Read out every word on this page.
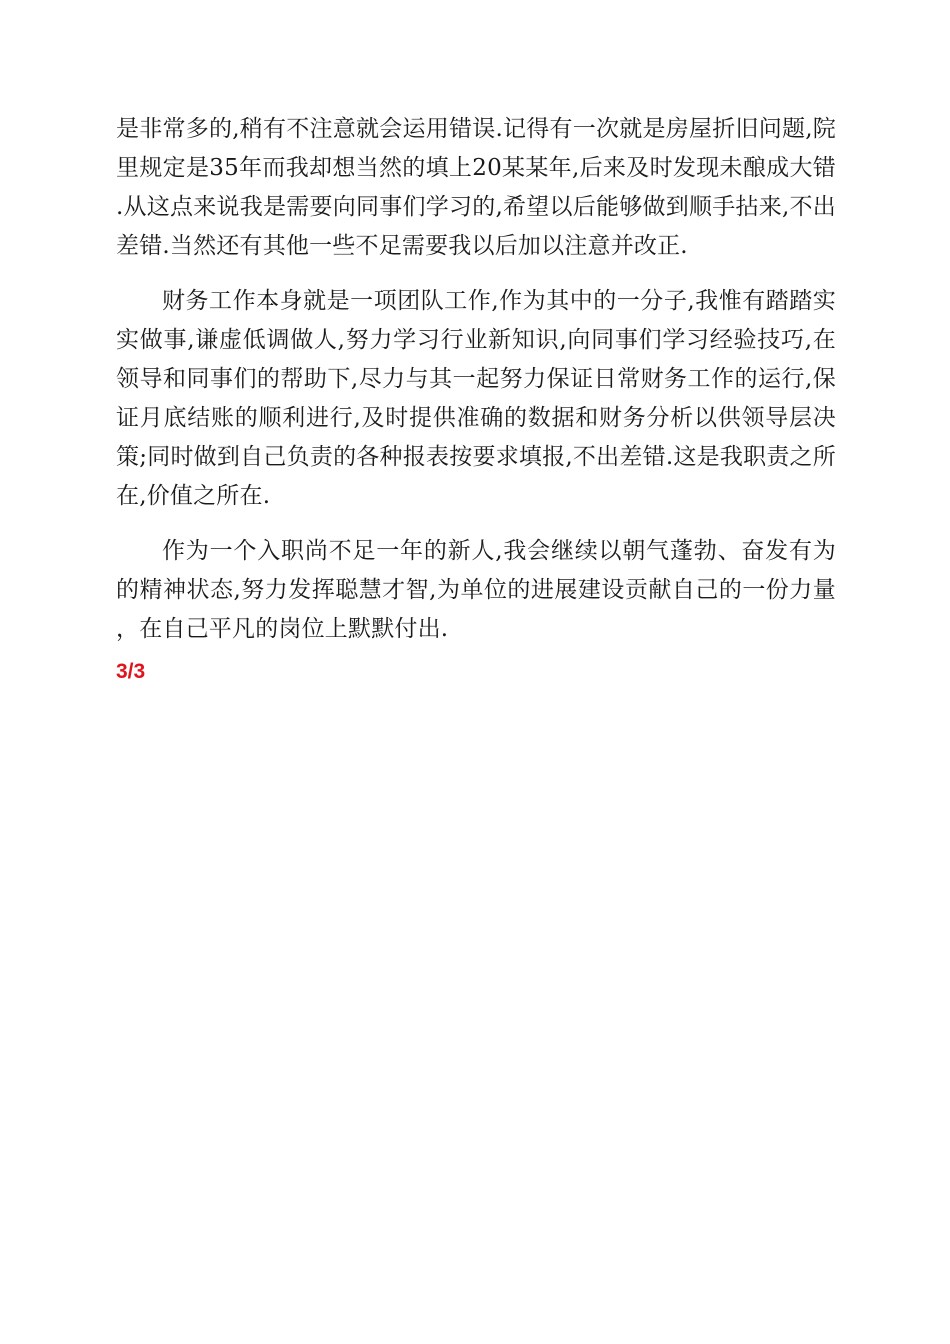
是非常多的,稍有不注意就会运用错误.记得有一次就是房屋折旧问题,院里规定是35年而我却想当然的填上20某某年,后来及时发现未酿成大错.从这点来说我是需要向同事们学习的,希望以后能够做到顺手拈来,不出差错.当然还有其他一些不足需要我以后加以注意并改正.

财务工作本身就是一项团队工作,作为其中的一分子,我惟有踏踏实实做事,谦虚低调做人,努力学习行业新知识,向同事们学习经验技巧,在领导和同事们的帮助下,尽力与其一起努力保证日常财务工作的运行,保证月底结账的顺利进行,及时提供准确的数据和财务分析以供领导层决策;同时做到自己负责的各种报表按要求填报,不出差错.这是我职责之所在,价值之所在.

作为一个入职尚不足一年的新人,我会继续以朝气蓬勃、奋发有为的精神状态,努力发挥聪慧才智,为单位的进展建设贡献自己的一份力量，在自己平凡的岗位上默默付出.

3/3
